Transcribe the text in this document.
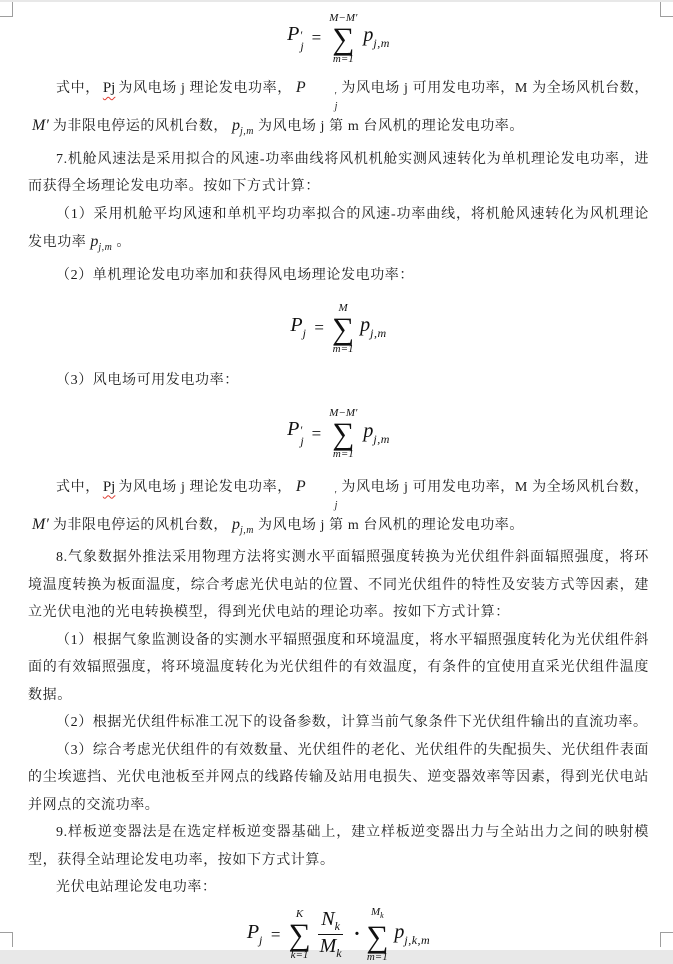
P ′
j =
M−M′
∑
m=1
$p_{j,m}$

式中， Pj 为风电场 j 理论发电功率， P
′
j
为风电场 j 可用发电功率，M 为全场风机台数，M′ 为非限电停运的风机台数， $p_{j,m}$ 为风电场 j 第 m 台风机的理论发电功率。

7.机舱风速法是采用拟合的风速-功率曲线将风机机舱实测风速转化为单机理论发电功率，进而获得全场理论发电功率。按如下方式计算：

（1）采用机舱平均风速和单机平均功率拟合的风速-功率曲线，将机舱风速转化为风机理论发电功率 $p_{j,m}$ 。

（2）单机理论发电功率加和获得风电场理论发电功率：

$P_j$ =
M
∑
m=1
$p_{j,m}$

（3）风电场可用发电功率：

P ′
j =
M−M′
∑
m=1
$p_{j,m}$

式中， Pj 为风电场 j 理论发电功率， P
′
j
为风电场 j 可用发电功率，M 为全场风机台数，M′ 为非限电停运的风机台数， $p_{j,m}$ 为风电场 j 第 m 台风机的理论发电功率。

8.气象数据外推法采用物理方法将实测水平面辐照强度转换为光伏组件斜面辐照强度，将环境温度转换为板面温度，综合考虑光伏电站的位置、不同光伏组件的特性及安装方式等因素，建立光伏电池的光电转换模型，得到光伏电站的理论功率。按如下方式计算：

（1）根据气象监测设备的实测水平辐照强度和环境温度，将水平辐照强度转化为光伏组件斜面的有效辐照强度，将环境温度转化为光伏组件的有效温度，有条件的宜使用直采光伏组件温度数据。

（2）根据光伏组件标准工况下的设备参数，计算当前气象条件下光伏组件输出的直流功率。

（3）综合考虑光伏组件的有效数量、光伏组件的老化、光伏组件的失配损失、光伏组件表面的尘埃遮挡、光伏电池板至并网点的线路传输及站用电损失、逆变器效率等因素，得到光伏电站并网点的交流功率。

9.样板逆变器法是在选定样板逆变器基础上，建立样板逆变器出力与全站出力之间的映射模型，获得全站理论发电功率，按如下方式计算。

光伏电站理论发电功率：

$P_j$ =
K
∑
$k=1 \frac{N_k}{M_k}$ ·
$M_k$
∑
m=1
$p_{j,k,m}$
